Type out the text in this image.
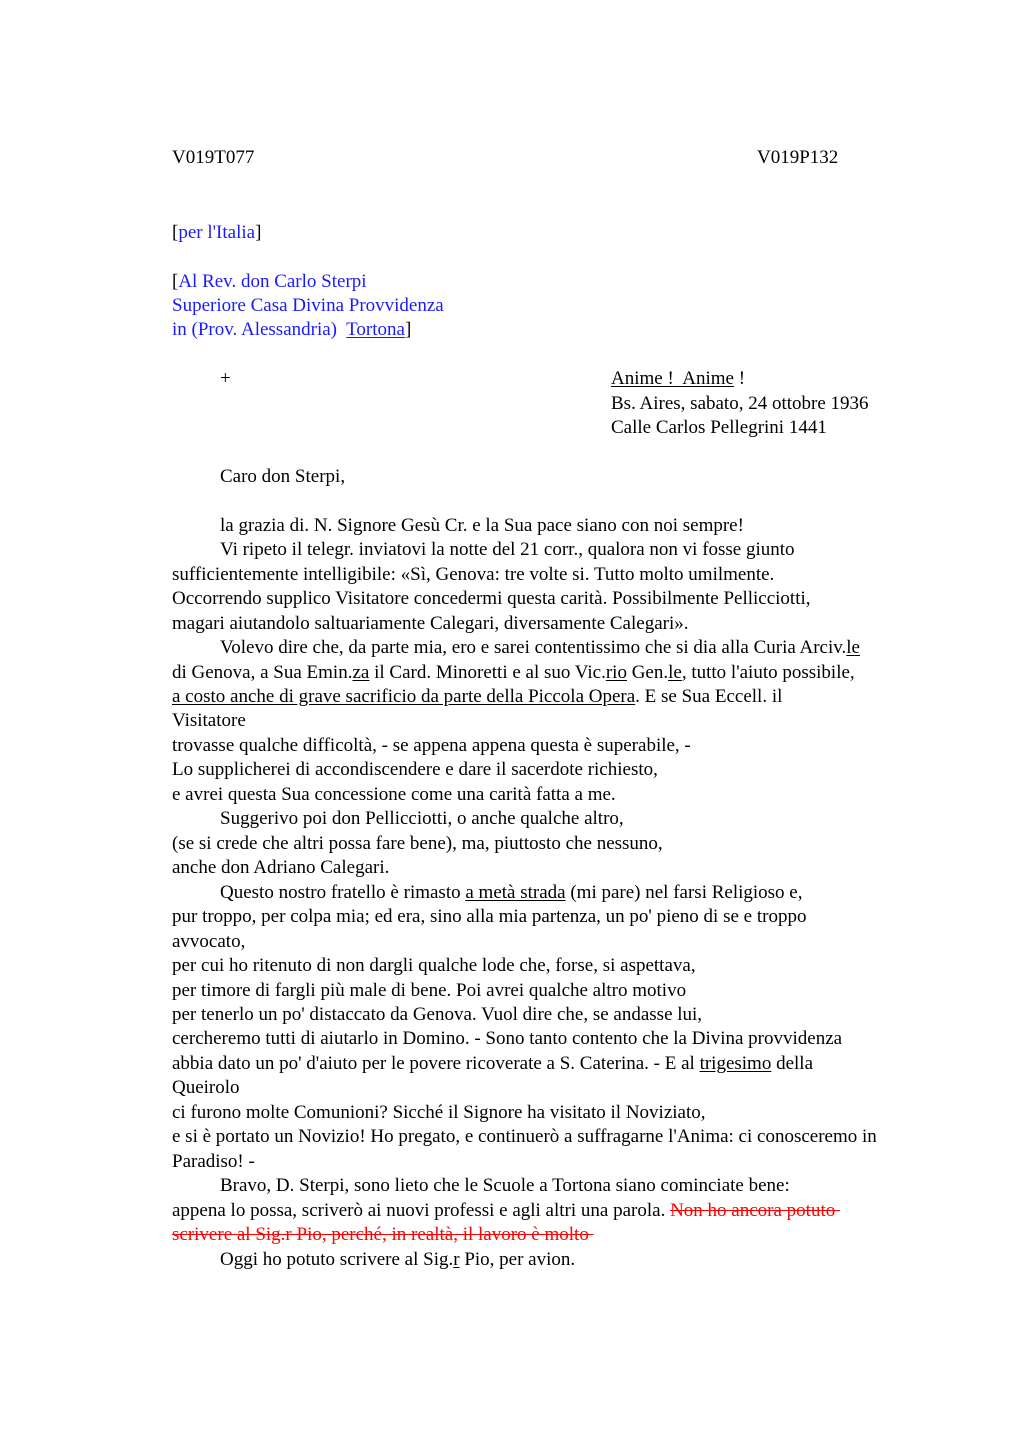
V019T077	V019P132
[per l'Italia]
[Al Rev. don Carlo Sterpi
Superiore Casa Divina Provvidenza
in (Prov. Alessandria)  Tortona]
+	Anime !  Anime !
Bs. Aires, sabato, 24 ottobre 1936
Calle Carlos Pellegrini 1441
Caro don Sterpi,
la grazia di. N. Signore Gesù Cr. e la Sua pace siano con noi sempre!
Vi ripeto il telegr. inviatovi la notte del 21 corr., qualora non vi fosse giunto
sufficientemente intelligibile: «Sì, Genova: tre volte si. Tutto molto umilmente.
Occorrendo supplico Visitatore concedermi questa carità. Possibilmente Pellicciotti,
magari aiutandolo saltuariamente Calegari, diversamente Calegari».
Volevo dire che, da parte mia, ero e sarei contentissimo che si dia alla Curia Arciv.le
di Genova, a Sua Emin.za il Card. Minoretti e al suo Vic.rio Gen.le, tutto l'aiuto possibile,
a costo anche di grave sacrificio da parte della Piccola Opera. E se Sua Eccell. il
Visitatore
trovasse qualche difficoltà, - se appena appena questa è superabile, -
Lo supplicherei di accondiscendere e dare il sacerdote richiesto,
e avrei questa Sua concessione come una carità fatta a me.
Suggerivo poi don Pellicciotti, o anche qualche altro,
(se si crede che altri possa fare bene), ma, piuttosto che nessuno,
anche don Adriano Calegari.
Questo nostro fratello è rimasto a metà strada (mi pare) nel farsi Religioso e,
pur troppo, per colpa mia; ed era, sino alla mia partenza, un po' pieno di se e troppo
avvocato,
per cui ho ritenuto di non dargli qualche lode che, forse, si aspettava,
per timore di fargli più male di bene. Poi avrei qualche altro motivo
per tenerlo un po' distaccato da Genova. Vuol dire che, se andasse lui,
cercheremo tutti di aiutarlo in Domino. - Sono tanto contento che la Divina provvidenza
abbia dato un po' d'aiuto per le povere ricoverate a S. Caterina. - E al trigesimo della
Queirolo
ci furono molte Comunioni? Sicché il Signore ha visitato il Noviziato,
e si è portato un Novizio! Ho pregato, e continuerò a suffragarne l'Anima: ci conosceremo in
Paradiso! -
Bravo, D. Sterpi, sono lieto che le Scuole a Tortona siano cominciate bene:
appena lo possa, scriverò ai nuovi professi e agli altri una parola. Non ho ancora potuto
scrivere al Sig.r Pio, perché, in realtà, il lavoro è molto
Oggi ho potuto scrivere al Sig.r Pio, per avion.
